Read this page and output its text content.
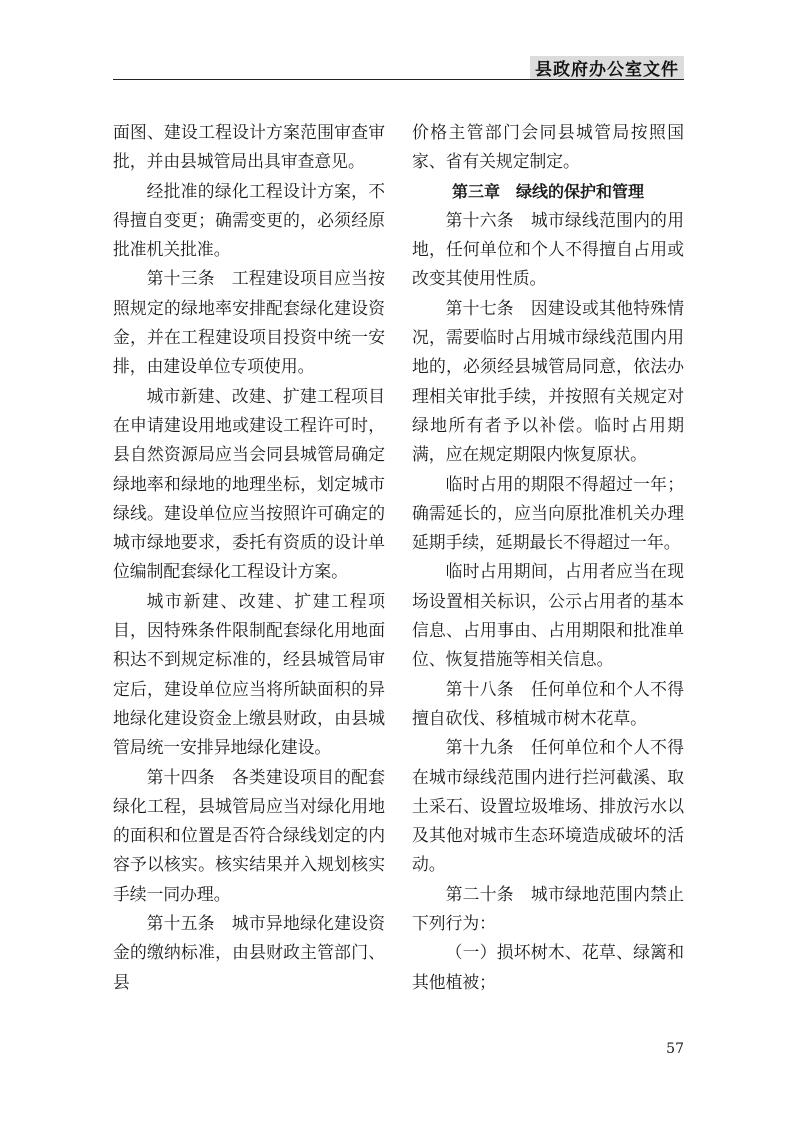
县政府办公室文件

面图、建设工程设计方案范围审查审批，并由县城管局出具审查意见。

经批准的绿化工程设计方案，不得擅自变更；确需变更的，必须经原批准机关批准。

第十三条　工程建设项目应当按照规定的绿地率安排配套绿化建设资金，并在工程建设项目投资中统一安排，由建设单位专项使用。

城市新建、改建、扩建工程项目在申请建设用地或建设工程许可时，县自然资源局应当会同县城管局确定绿地率和绿地的地理坐标，划定城市绿线。建设单位应当按照许可确定的城市绿地要求，委托有资质的设计单位编制配套绿化工程设计方案。

城市新建、改建、扩建工程项目，因特殊条件限制配套绿化用地面积达不到规定标准的，经县城管局审定后，建设单位应当将所缺面积的异地绿化建设资金上缴县财政，由县城管局统一安排异地绿化建设。

第十四条　各类建设项目的配套绿化工程，县城管局应当对绿化用地的面积和位置是否符合绿线划定的内容予以核实。核实结果并入规划核实手续一同办理。

第十五条　城市异地绿化建设资金的缴纳标准，由县财政主管部门、县

价格主管部门会同县城管局按照国家、省有关规定制定。

第三章　绿线的保护和管理

第十六条　城市绿线范围内的用地，任何单位和个人不得擅自占用或改变其使用性质。

第十七条　因建设或其他特殊情况，需要临时占用城市绿线范围内用地的，必须经县城管局同意，依法办理相关审批手续，并按照有关规定对绿地所有者予以补偿。临时占用期满，应在规定期限内恢复原状。

临时占用的期限不得超过一年；确需延长的，应当向原批准机关办理延期手续，延期最长不得超过一年。

临时占用期间，占用者应当在现场设置相关标识，公示占用者的基本信息、占用事由、占用期限和批准单位、恢复措施等相关信息。

第十八条　任何单位和个人不得擅自砍伐、移植城市树木花草。

第十九条　任何单位和个人不得在城市绿线范围内进行拦河截溪、取土采石、设置垃圾堆场、排放污水以及其他对城市生态环境造成破坏的活动。

第二十条　城市绿地范围内禁止下列行为：

（一）损坏树木、花草、绿篱和其他植被；

57
